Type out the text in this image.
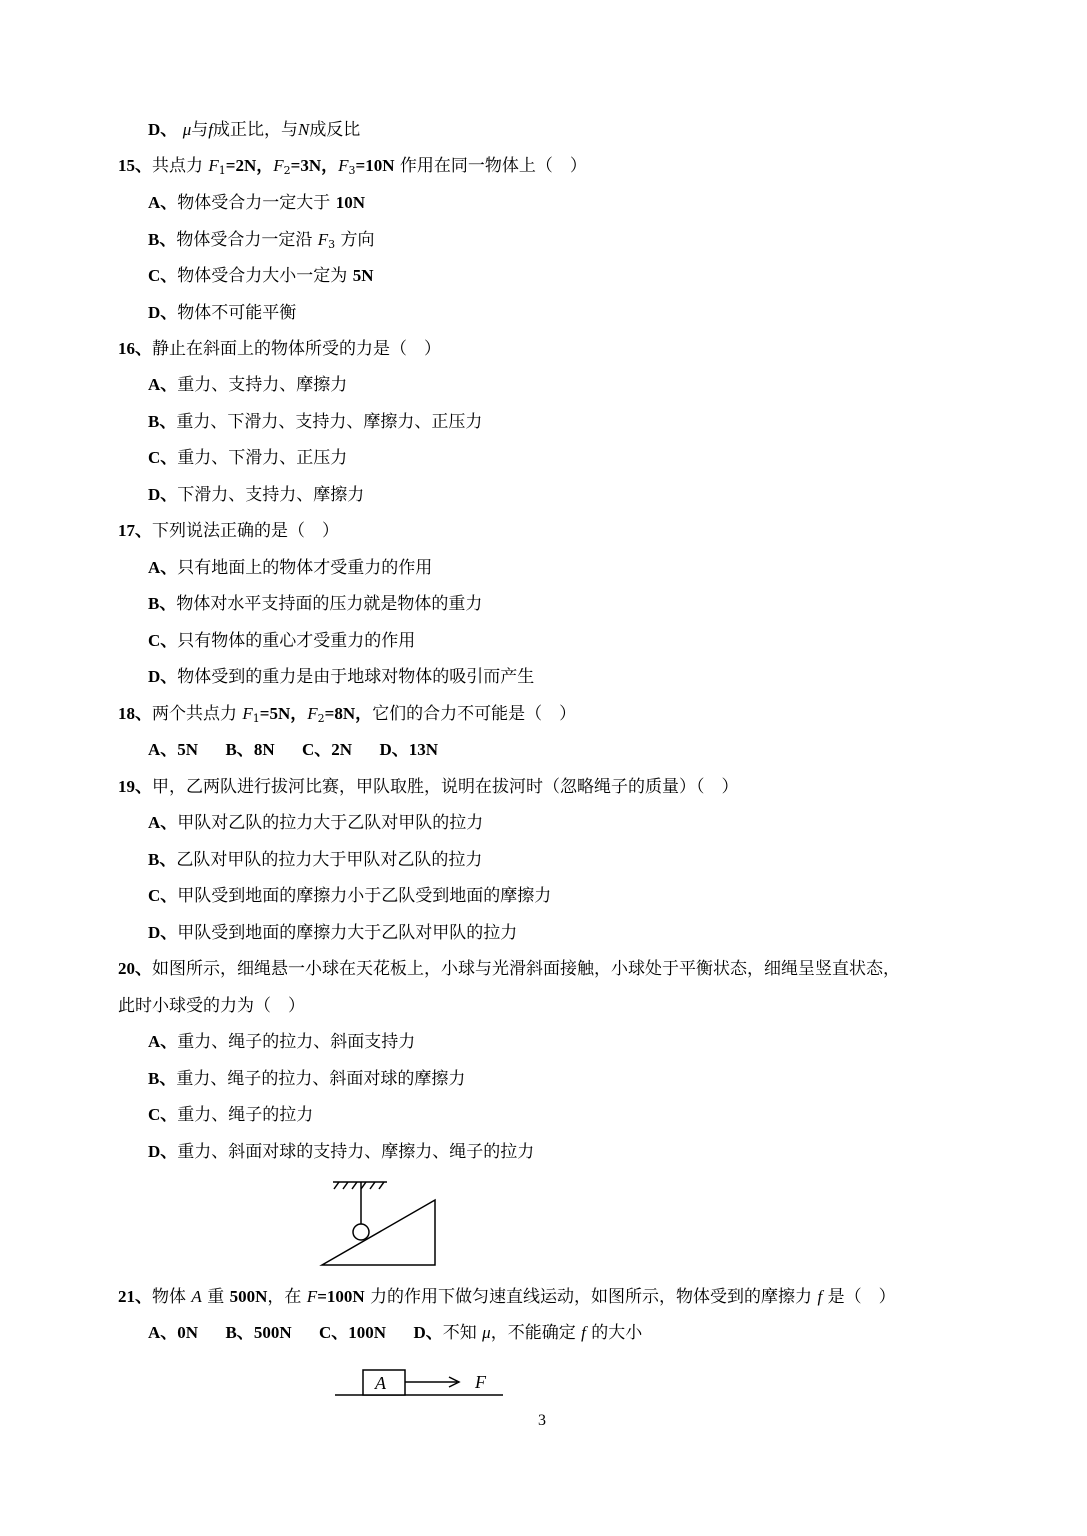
D、 μ与f成正比，与N成反比
15、共点力 $F_1=2N$，$F_2=3N$，$F_3=10N$ 作用在同一物体上（　）
A、物体受合力一定大于 10N
B、物体受合力一定沿 $F_3$ 方向
C、物体受合力大小一定为 5N
D、物体不可能平衡
16、静止在斜面上的物体所受的力是（　）
A、重力、支持力、摩擦力
B、重力、下滑力、支持力、摩擦力、正压力
C、重力、下滑力、正压力
D、下滑力、支持力、摩擦力
17、下列说法正确的是（　）
A、只有地面上的物体才受重力的作用
B、物体对水平支持面的压力就是物体的重力
C、只有物体的重心才受重力的作用
D、物体受到的重力是由于地球对物体的吸引而产生
18、两个共点力 $F_1=5N$，$F_2=8N$，它们的合力不可能是（　）
A、5N B、8N C、2N D、13N
19、甲，乙两队进行拔河比赛，甲队取胜，说明在拔河时（忽略绳子的质量）（　）
A、甲队对乙队的拉力大于乙队对甲队的拉力
B、乙队对甲队的拉力大于甲队对乙队的拉力
C、甲队受到地面的摩擦力小于乙队受到地面的摩擦力
D、甲队受到地面的摩擦力大于乙队对甲队的拉力
20、如图所示，细绳悬一小球在天花板上，小球与光滑斜面接触，小球处于平衡状态，细绳呈竖直状态，
此时小球受的力为（　）
A、重力、绳子的拉力、斜面支持力
B、重力、绳子的拉力、斜面对球的摩擦力
C、重力、绳子的拉力
D、重力、斜面对球的支持力、摩擦力、绳子的拉力
21、物体 A 重 500N，在 F=100N 力的作用下做匀速直线运动，如图所示，物体受到的摩擦力 f 是（　）
A、0N B、500N C、100N D、不知 μ，不能确定 f 的大小
A	F
3
